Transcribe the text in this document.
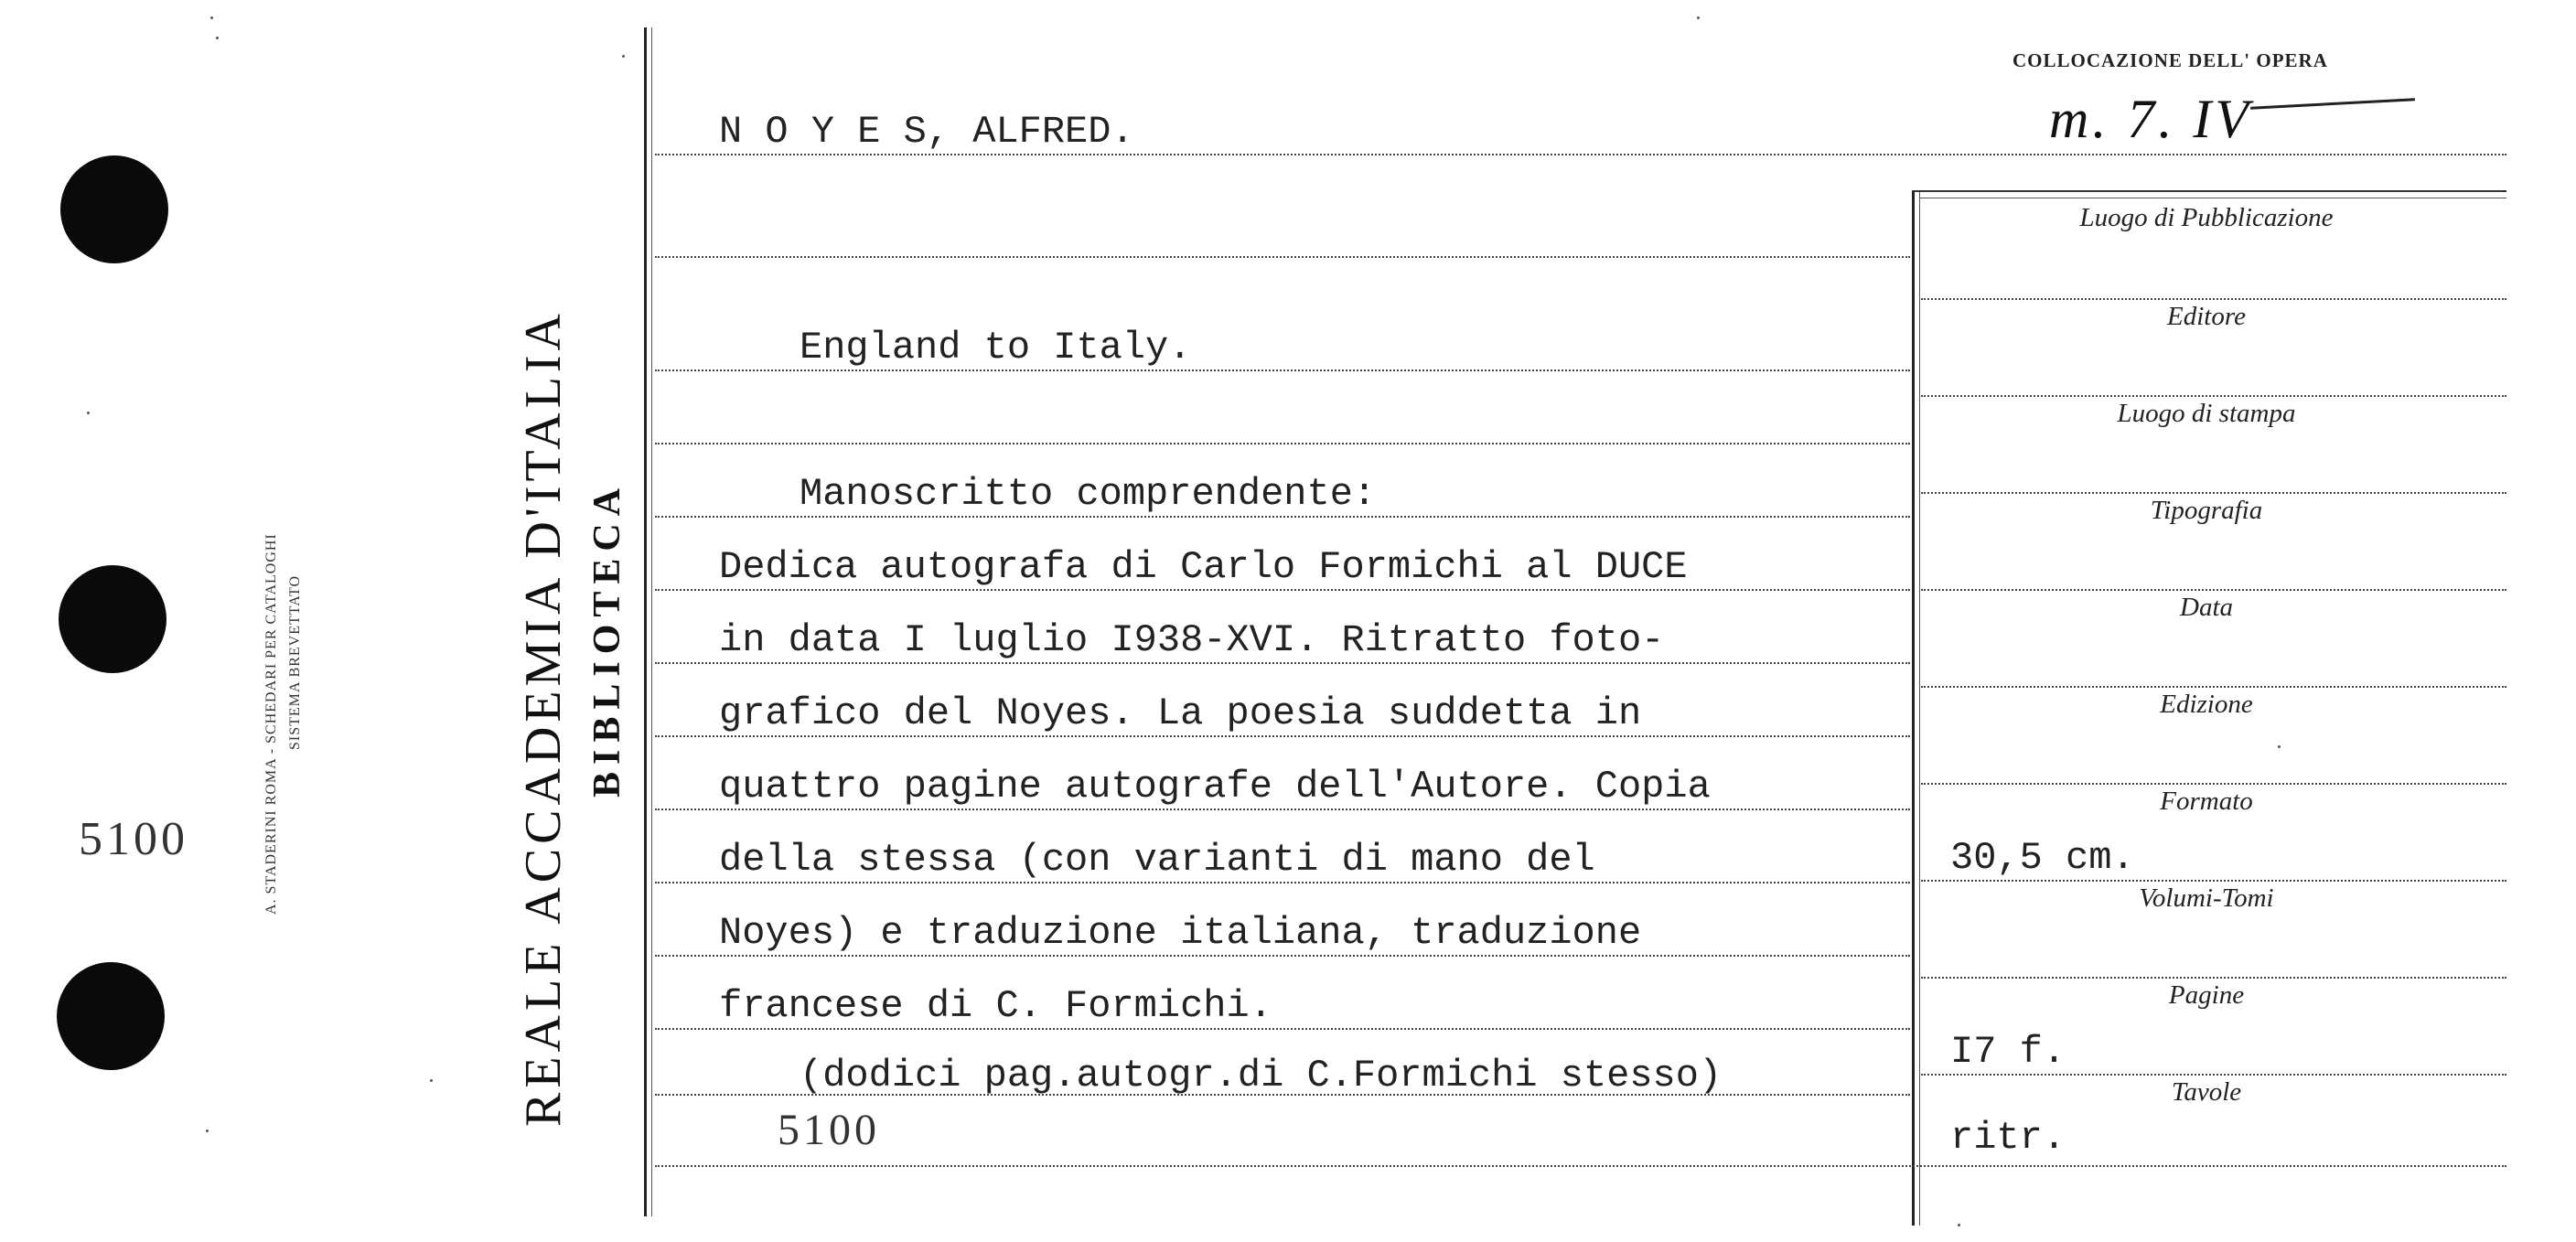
A. STADERINI ROMA - SCHEDARI PER CATALOGHI SISTEMA BREVETTATO
5100	REALE ACCADEMIA D'ITALIA BIBLIOTECA
COLLOCAZIONE DELL' OPERA
m. 7. IV
Luogo di Pubblicazione
Editore
Luogo di stampa
Tipografia
Data
Edizione
Formato
Volumi-Tomi
Pagine
Tavole
30,5 cm.
I7 f.
ritr.
N O Y E S, ALFRED.
England to Italy.
Manoscritto comprendente:
Dedica autografa di Carlo Formichi al DUCE
in data I luglio I938-XVI. Ritratto foto-
grafico del Noyes. La poesia suddetta in
quattro pagine autografe dell'Autore. Copia
della stessa (con varianti di mano del
Noyes) e traduzione italiana, traduzione
francese di C. Formichi.
(dodici pag.autogr.di C.Formichi stesso)
5100
